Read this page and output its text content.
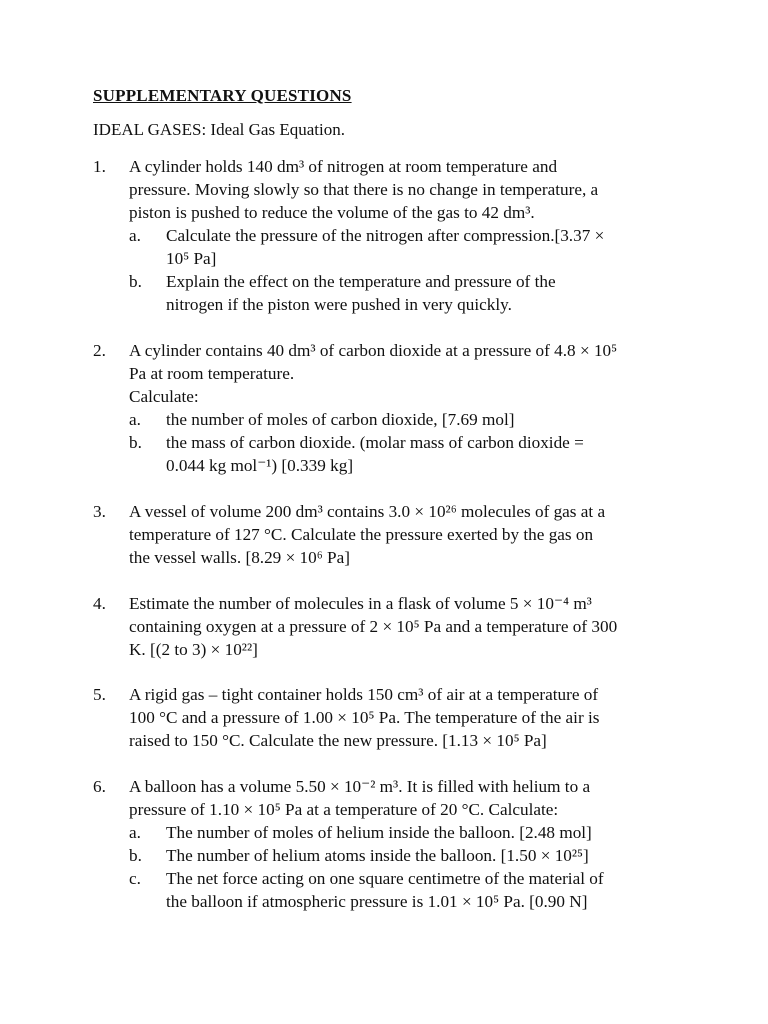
SUPPLEMENTARY QUESTIONS
IDEAL GASES: Ideal Gas Equation.
1. A cylinder holds 140 dm³ of nitrogen at room temperature and
pressure. Moving slowly so that there is no change in temperature, a
piston is pushed to reduce the volume of the gas to 42 dm³.
a. Calculate the pressure of the nitrogen after compression.[3.37 ×
10⁵ Pa]
b. Explain the effect on the temperature and pressure of the
nitrogen if the piston were pushed in very quickly.
2. A cylinder contains 40 dm³ of carbon dioxide at a pressure of 4.8 × 10⁵
Pa at room temperature.
Calculate:
a. the number of moles of carbon dioxide, [7.69 mol]
b. the mass of carbon dioxide. (molar mass of carbon dioxide =
0.044 kg mol⁻¹) [0.339 kg]
3. A vessel of volume 200 dm³ contains 3.0 × 10²⁶ molecules of gas at a
temperature of 127 °C. Calculate the pressure exerted by the gas on
the vessel walls. [8.29 × 10⁶ Pa]
4. Estimate the number of molecules in a flask of volume 5 × 10⁻⁴ m³
containing oxygen at a pressure of 2 × 10⁵ Pa and a temperature of 300
K. [(2 to 3) × 10²²]
5. A rigid gas – tight container holds 150 cm³ of air at a temperature of
100 °C and a pressure of 1.00 × 10⁵ Pa. The temperature of the air is
raised to 150 °C. Calculate the new pressure. [1.13 × 10⁵ Pa]
6. A balloon has a volume 5.50 × 10⁻² m³. It is filled with helium to a
pressure of 1.10 × 10⁵ Pa at a temperature of 20 °C. Calculate:
a. The number of moles of helium inside the balloon. [2.48 mol]
b. The number of helium atoms inside the balloon. [1.50 × 10²⁵]
c. The net force acting on one square centimetre of the material of
the balloon if atmospheric pressure is 1.01 × 10⁵ Pa. [0.90 N]
